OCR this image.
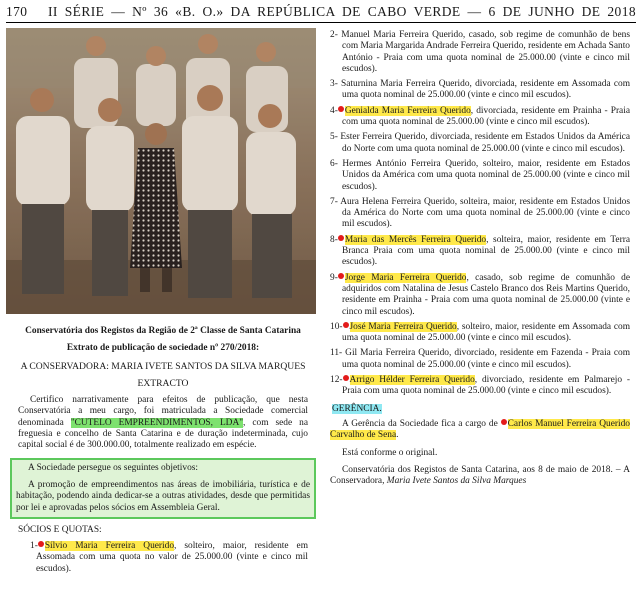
170 II SÉRIE — Nº 36 «B. O.» DA REPÚBLICA DE CABO VERDE — 6 DE JUNHO DE 2018

Conservatória dos Registos da Região de 2ª Classe de Santa Catarina

Extrato de publicação de sociedade nº 270/2018:

A CONSERVADORA: MARIA IVETE SANTOS DA SILVA MARQUES

EXTRACTO

Certifico narrativamente para efeitos de publicação, que nesta Conservatória a meu cargo, foi matriculada a Sociedade comercial denominada "CUTELO EMPREENDIMENTOS, LDA", com sede na freguesia e concelho de Santa Catarina e de duração indeterminada, cujo capital social é de 300.000.00, totalmente realizado em espécie.

A Sociedade persegue os seguintes objetivos:

A promoção de empreendimentos nas áreas de imobiliária, turística e de habitação, podendo ainda dedicar-se a outras atividades, desde que permitidas por lei e aprovadas pelos sócios em Assembleia Geral.

SÓCIOS E QUOTAS:

1- Sílvio Maria Ferreira Querido, solteiro, maior, residente em Assomada com uma quota no valor de 25.000.00 (vinte e cinco mil escudos).

2- Manuel Maria Ferreira Querido, casado, sob regime de comunhão de bens com Maria Margarida Andrade Ferreira Querido, residente em Achada Santo António - Praia com uma quota nominal de 25.000.00 (vinte e cinco mil escudos).

3- Saturnina Maria Ferreira Querido, divorciada, residente em Assomada com uma quota nominal de 25.000.00 (vinte e cinco mil escudos).

4- Genialda Maria Ferreira Querido, divorciada, residente em Prainha - Praia com uma quota nominal de 25.000.00 (vinte e cinco mil escudos).

5- Ester Ferreira Querido, divorciada, residente em Estados Unidos da América do Norte com uma quota nominal de 25.000.00 (vinte e cinco mil escudos).

6- Hermes António Ferreira Querido, solteiro, maior, residente em Estados Unidos da América com uma quota nominal de 25.000.00 (vinte e cinco mil escudos).

7- Aura Helena Ferreira Querido, solteira, maior, residente em Estados Unidos da América do Norte com uma quota nominal de 25.000.00 (vinte e cinco mil escudos).

8- Maria das Mercês Ferreira Querido, solteira, maior, residente em Terra Branca Praia com uma quota nominal de 25.000.00 (vinte e cinco mil escudos).

9- Jorge Maria Ferreira Querido, casado, sob regime de comunhão de adquiridos com Natalina de Jesus Castelo Branco dos Reis Martins Querido, residente em Prainha - Praia com uma quota nominal de 25.000.00 (vinte e cinco mil escudos).

10- José Maria Ferreira Querido, solteiro, maior, residente em Assomada com uma quota nominal de 25.000.00 (vinte e cinco mil escudos).

11- Gil Maria Ferreira Querido, divorciado, residente em Fazenda - Praia com uma quota nominal de 25.000.00 (vinte e cinco mil escudos).

12- Arrigo Hélder Ferreira Querido, divorciado, residente em Palmarejo - Praia com uma quota nominal de 25.000.00 (vinte e cinco mil escudos).

GERÊNCIA.

A Gerência da Sociedade fica a cargo de Carlos Manuel Ferreira Querido Carvalho de Sena.

Está conforme o original.

Conservatória dos Registos de Santa Catarina, aos 8 de maio de 2018. – A Conservadora, Maria Ivete Santos da Silva Marques
